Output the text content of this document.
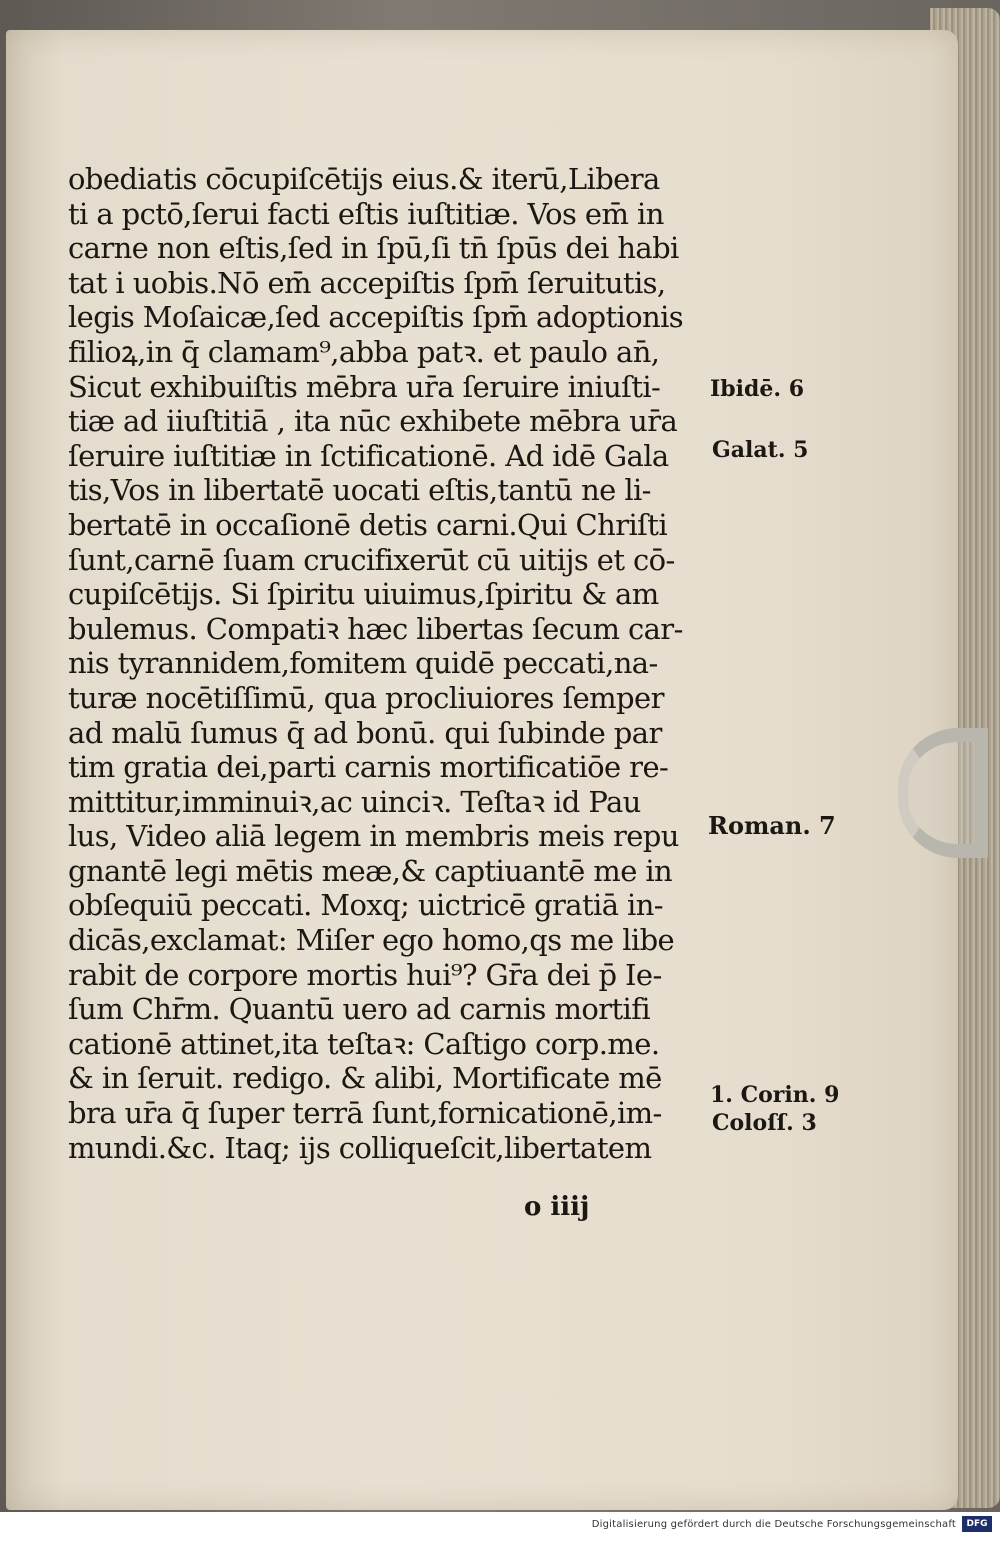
obediatis cōcupiſcētijs eius.& iterū,Libera
ti a pctō,ſerui facti eſtis iuſtitiæ. Vos em̄ in
carne non eſtis,ſed in ſpū,ſi tn̄ ſpūs dei habi
tat i uobis.Nō em̄ accepiſtis ſpm̄ ſeruitutis,
legis Moſaicæ,ſed accepiſtis ſpm̄ adoptionis
filioꝝ,in q̄ clamam⁹,abba patꝛ. et paulo an̄,
Sicut exhibuiſtis mēbra ur̄a ſeruire iniuſti-
tiæ ad iiuſtitiā , ita nūc exhibete mēbra ur̄a
ſeruire iuſtitiæ in ſctificationē. Ad idē Gala
tis,Vos in libertatē uocati eſtis,tantū ne li-
bertatē in occaſionē detis carni.Qui Chriſti
ſunt,carnē ſuam crucifixerūt cū uitijs et cō-
cupiſcētijs. Si ſpiritu uiuimus,ſpiritu & am
bulemus. Compatiꝛ hæc libertas ſecum car-
nis tyrannidem,fomitem quidē peccati,na-
turæ nocētiſſimū, qua procliuiores ſemper
ad malū ſumus q̄ ad bonū. qui ſubinde par
tim gratia dei,parti carnis mortificatiōe re-
mittitur,imminuiꝛ,ac uinciꝛ. Teſtaꝛ id Pau
lus, Video aliā legem in membris meis repu
gnantē legi mētis meæ,& captiuantē me in
obſequiū peccati. Moxq; uictricē gratiā in-
dicās,exclamat: Miſer ego homo,qs me libe
rabit de corpore mortis hui⁹? Gr̄a dei p̄ Ie-
ſum Chr̄m. Quantū uero ad carnis mortifi
cationē attinet,ita teſtaꝛ: Caſtigo corp.me.
& in ſeruit. redigo. & alibi, Mortificate mē
bra ur̄a q̄ ſuper terrā ſunt,fornicationē,im-
mundi.&c. Itaq; ijs colliqueſcit,libertatem
Ibidē. 6
Galat. 5
Roman. 7
1. Corin. 9
Coloſſ. 3
o iiij
Digitalisierung gefördert durch die Deutsche Forschungsgemeinschaft	DFG
